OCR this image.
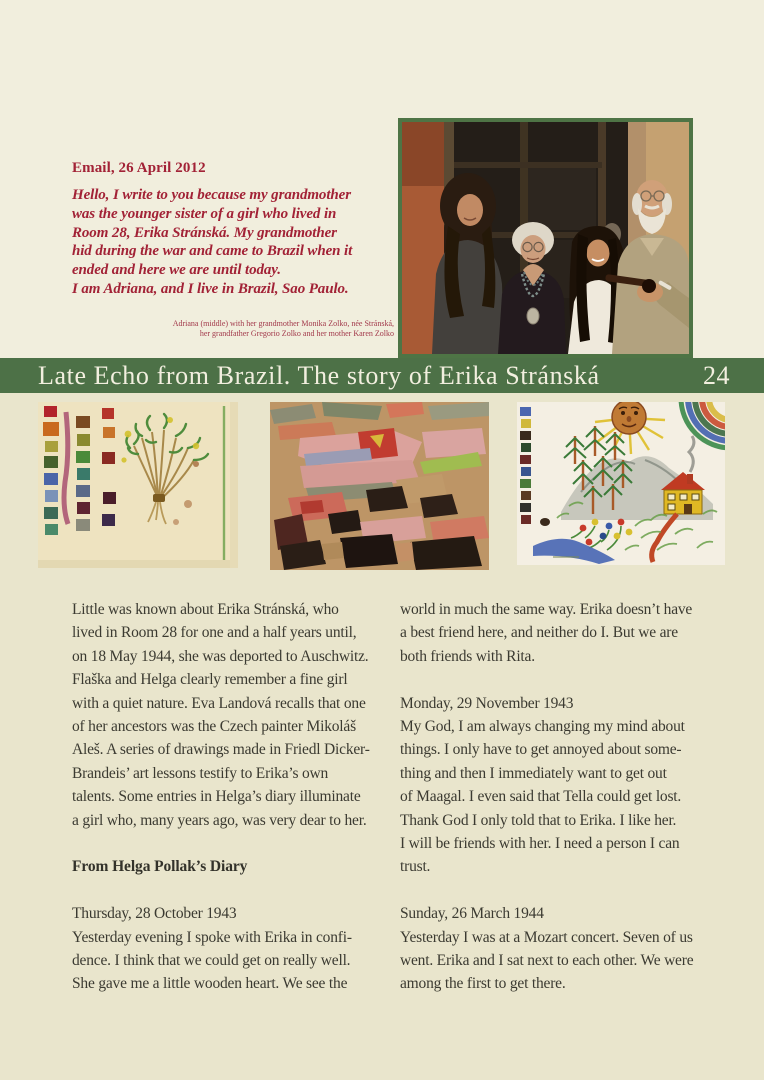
Email, 26 April 2012
Hello, I write to you because my grandmother
was the younger sister of a girl who lived in
Room 28, Erika Stránská. My grandmother
hid during the war and came to Brazil when it
ended and here we are until today.
I am Adriana, and I live in Brazil, Sao Paulo.
Adriana (middle) with her grandmother Monika Zolko, née Stránská,
her grandfather Gregorio Zolko and her mother Karen Zolko
Late Echo from Brazil. The story of Erika Stránská	24
Little was known about Erika Stránská, who
lived in Room 28 for one and a half years until,
on 18 May 1944, she was deported to Auschwitz.
Flaška and Helga clearly remember a fine girl
with a quiet nature. Eva Landová recalls that one
of her ancestors was the Czech painter Mikoláš
Aleš. A series of drawings made in Friedl Dicker-
Brandeis’ art lessons testify to Erika’s own
talents. Some entries in Helga’s diary illuminate
a girl who, many years ago, was very dear to her.
From Helga Pollak’s Diary
Thursday, 28 October 1943
Yesterday evening I spoke with Erika in confi-
dence. I think that we could get on really well.
She gave me a little wooden heart. We see the
world in much the same way. Erika doesn’t have
a best friend here, and neither do I. But we are
both friends with Rita.
Monday, 29 November 1943
My God, I am always changing my mind about
things. I only have to get annoyed about some-
thing and then I immediately want to get out
of Maagal. I even said that Tella could get lost.
Thank God I only told that to Erika. I like her.
I will be friends with her. I need a person I can
trust.
Sunday, 26 March 1944
Yesterday I was at a Mozart concert. Seven of us
went. Erika and I sat next to each other. We were
among the first to get there.
